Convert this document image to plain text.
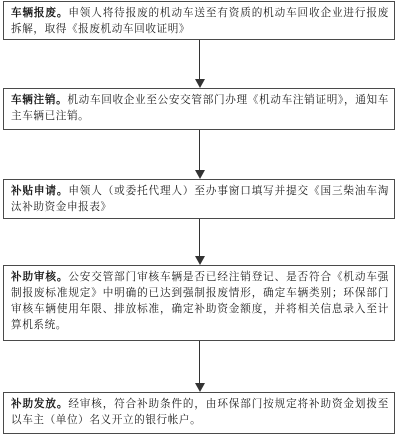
车辆报废。申领人将待报废的机动车送至有资质的机动车回收企业进行报废拆解，取得《报废机动车回收证明》
车辆注销。机动车回收企业至公安交管部门办理《机动车注销证明》，通知车主车辆已注销。
补贴申请。申领人（或委托代理人）至办事窗口填写并提交《国三柴油车淘汰补助资金申报表》
补助审核。公安交管部门审核车辆是否已经注销登记、是否符合《机动车强制报废标准规定》中明确的已达到强制报废情形，确定车辆类别；环保部门审核车辆使用年限、排放标准，确定补助资金额度，并将相关信息录入至计算机系统。
补助发放。经审核，符合补助条件的，由环保部门按规定将补助资金划拨至以车主（单位）名义开立的银行帐户。
